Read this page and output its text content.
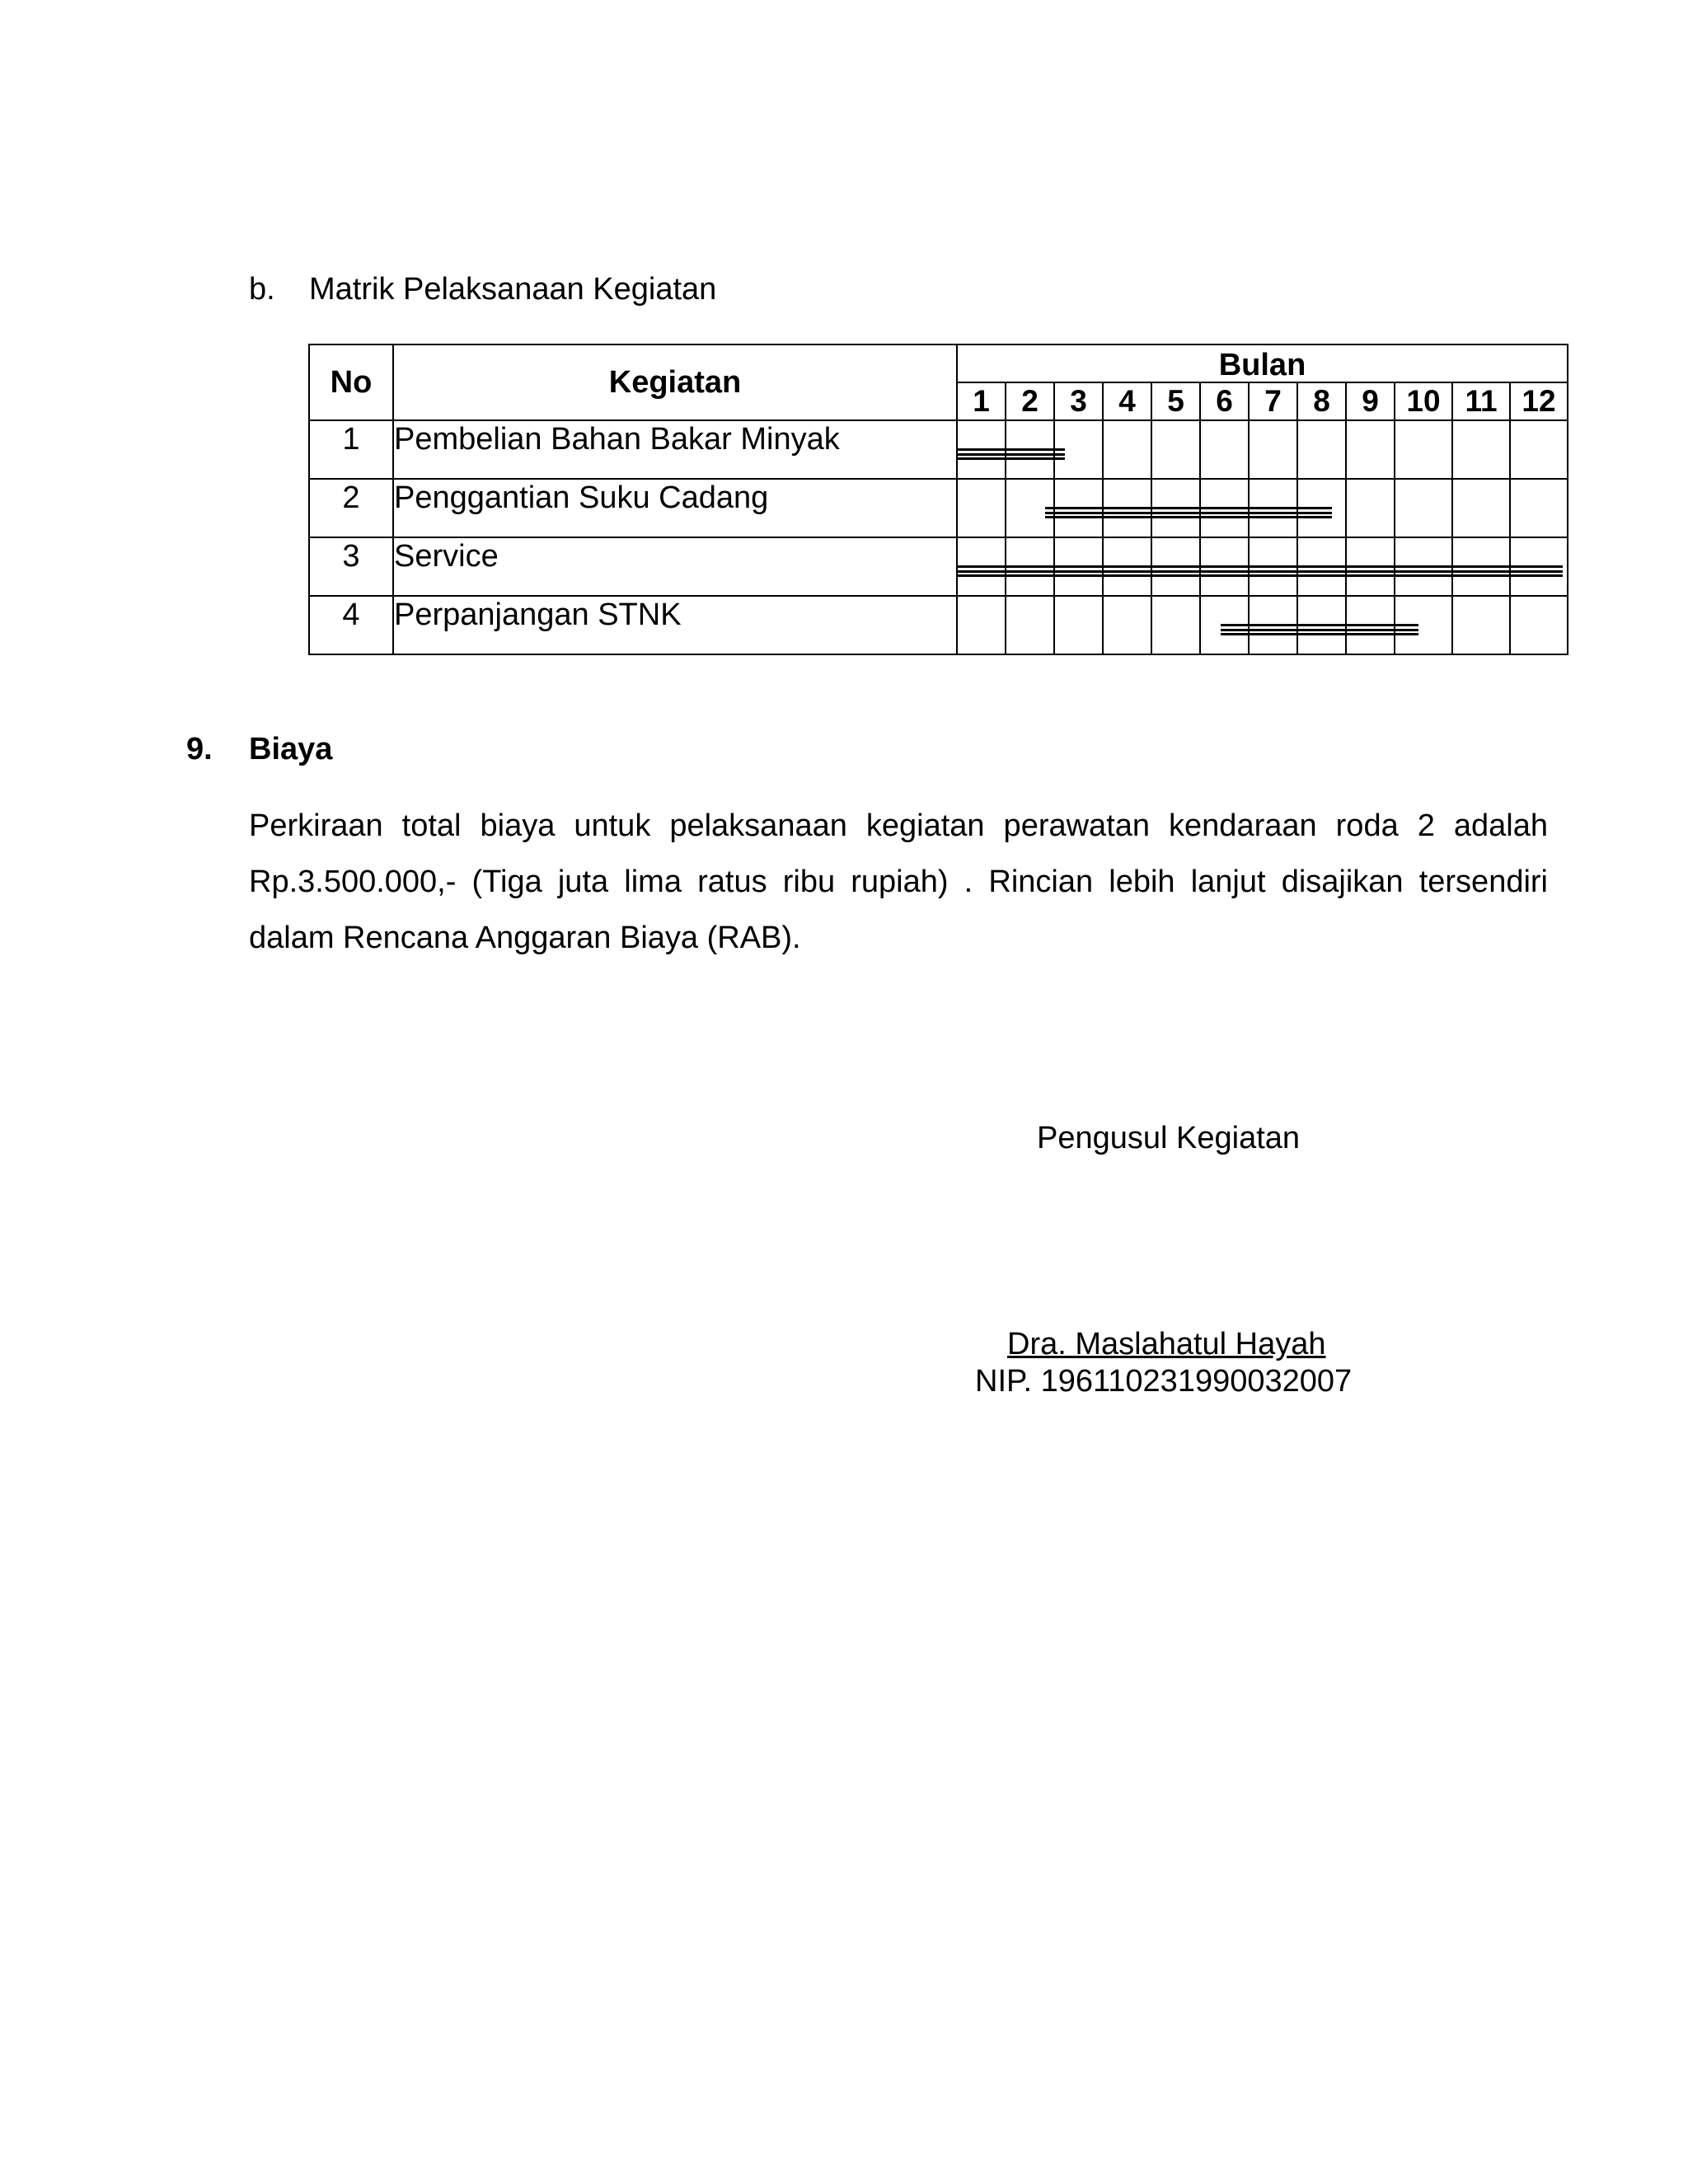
b. Matrik Pelaksanaan Kegiatan
No	Kegiatan	Bulan											
		1	2	3	4	5	6	7	8	9	10	11	12
1	Pembelian Bahan Bakar Minyak												
2	Penggantian Suku Cadang												
3	Service												
4	Perpanjangan STNK												

9. Biaya
Perkiraan total biaya untuk pelaksanaan kegiatan perawatan kendaraan roda 2 adalah Rp.3.500.000,- (Tiga juta lima ratus ribu rupiah) . Rincian lebih lanjut disajikan tersendiri dalam Rencana Anggaran Biaya (RAB).
Pengusul Kegiatan
Dra. Maslahatul Hayah
NIP. 196110231990032007
